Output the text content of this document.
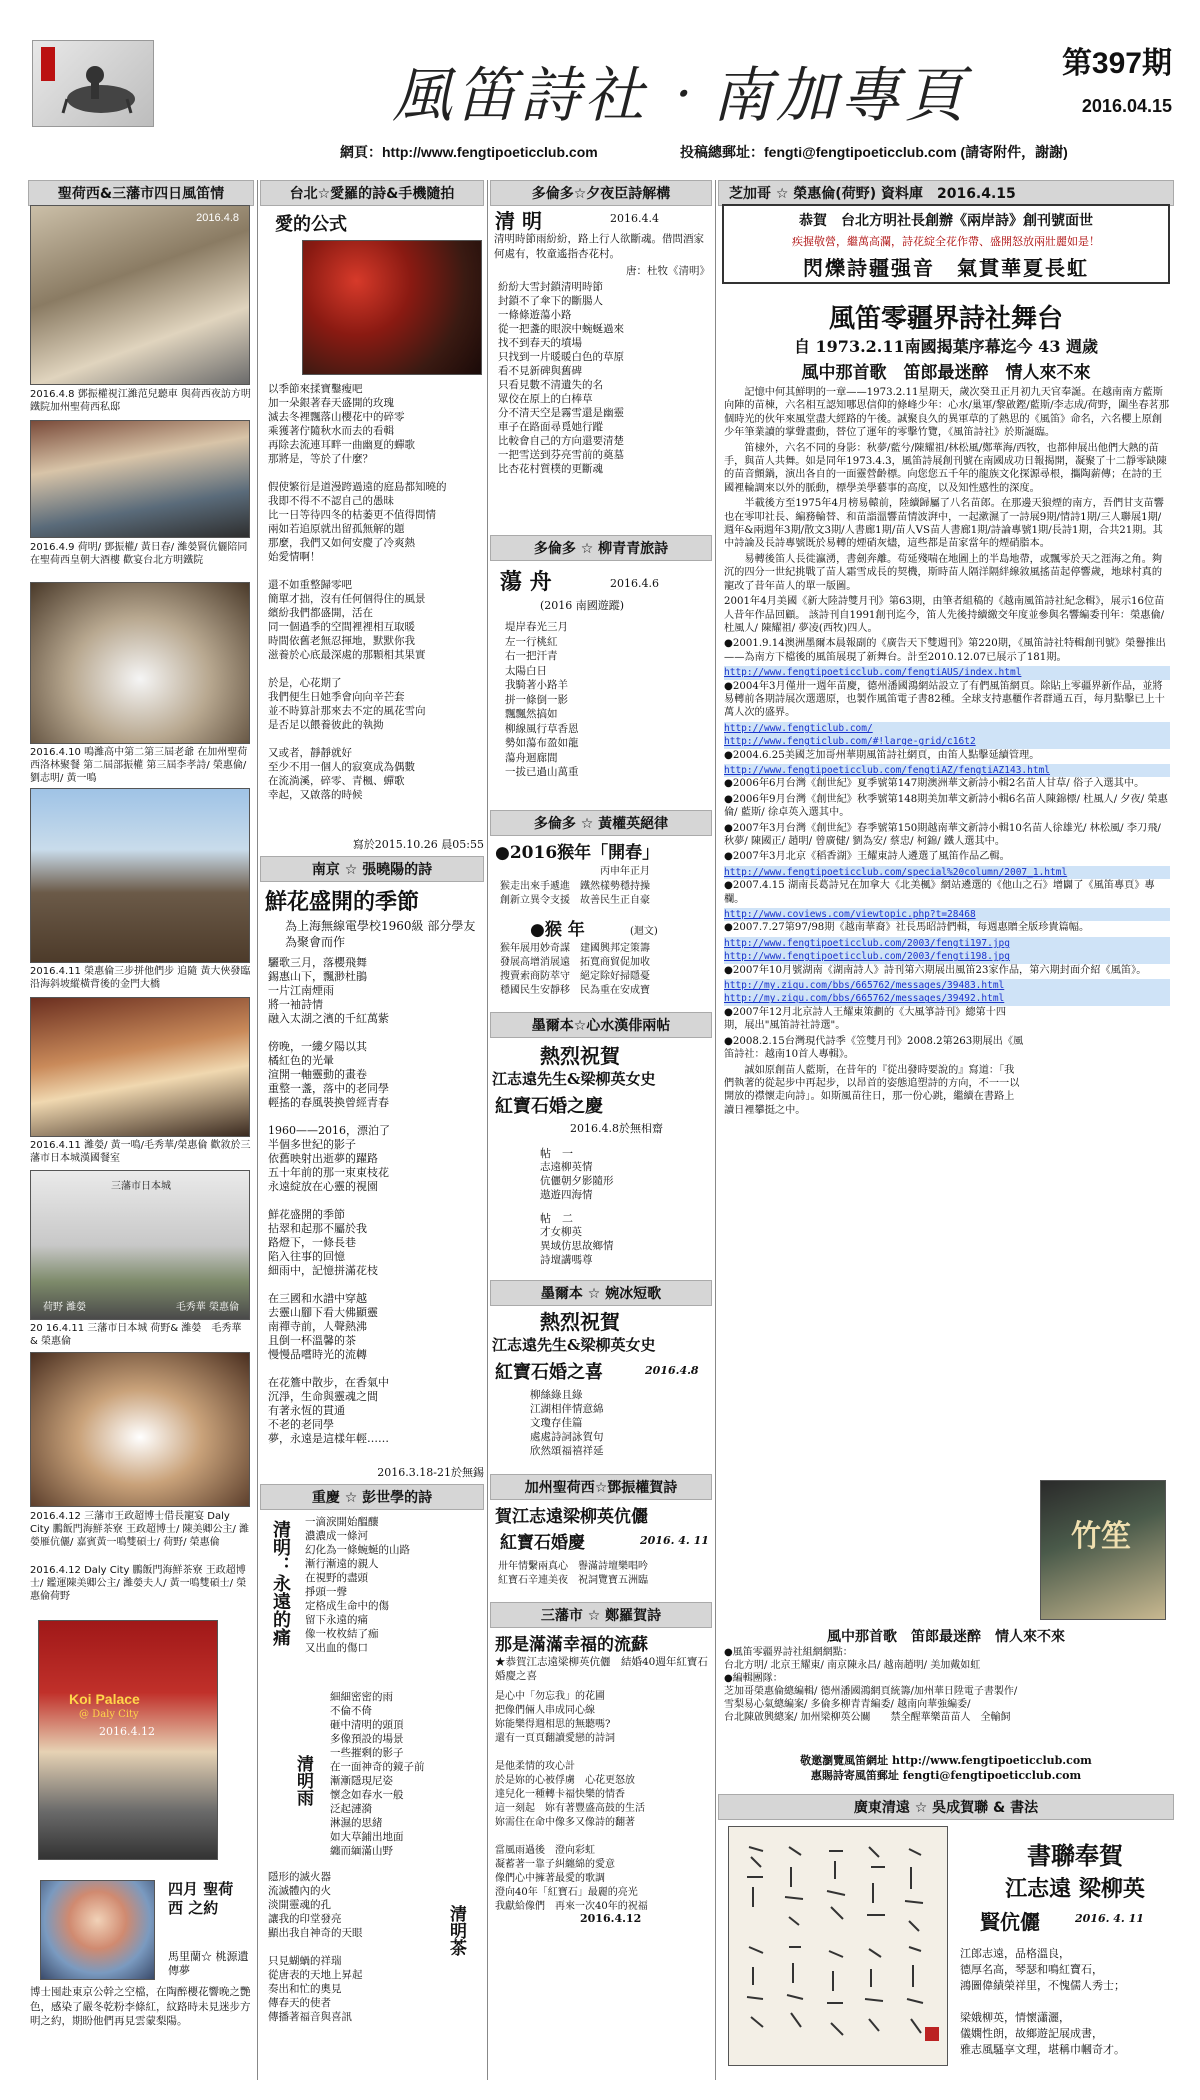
風笛詩社‧南加專頁	第397期
2016.04.15
網頁：http://www.fengtipoeticclub.com	投稿總郵址：fengti@fengtipoeticclub.com (請寄附件，謝謝)
聖荷西&三藩市四日風笛情
2016.4.8
2016.4.8 鄧振權視江濰范兒聽車 與荷西夜訪方明鐵院加州聖荷西私邸
2016.4.9 荷明/ 鄧振權/ 黃日春/ 濰嫈賢伉儷陪同在聖荷西皇朝大酒樓 歡宴台北方明鐵院
2016.4.10 鳴濰高中第二第三屆老爺 在加州聖荷西洛林聚餐 第二屆部振權 第三屆李孝詩/ 榮惠倫/ 劉志明/ 黃一鳴
2016.4.11 榮惠倫三步拼他們步 追隨 黃大俠發臨沿海斜坡縱橫背後的金門大橋
2016.4.11 濰嫈/ 黃一鳴/毛秀華/榮惠倫 歡敘於三藩市日本城漢國餐室
三藩市日本城
荷野 濰嫈	毛秀華 榮惠倫
20 16.4.11 三藩市日本城 荷野& 濰嫈　毛秀華 & 榮惠倫
2016.4.12 三藩市王政超博士借長寵宴 Daly City 鵬飯門海鮮茶寮 王政超博士/ 陳美卿公主/ 濰嫈雁伉儷/ 嘉賓黃一鳴雙碩士/ 荷野/ 榮惠倫
2016.4.12 Daly City 鵬飯門海鮮茶寮 王政超博士/ 鑑運陳美卿公主/ 濰嫈夫人/ 黃一鳴雙碩士/ 榮惠倫荷野
Koi Palace
@ Daly City
2016.4.12
四月 聖荷西 之約
馬里蘭☆ 桃源遺傳夢
博士囤赴東京公幹之空檔，在陶醉櫻花響晚之艷色，感染了嚴冬乾粉李條紅，紋路時未見迷步方明之約，期盼他們再見雲蒙梨陽。
台北☆愛羅的詩&手機隨拍
愛的公式
以季節來揉寶鑿瘦吧
加一朵銀著春天盛開的玫瑰
滅去冬裡飄落山櫻花中的碎零
乘獲著佇隨秋水而去的看輯
再除去流連耳畔一曲幽夏的蟬歌
那將是，等於了什麼？

假使繁衍是道漫跨過遠的庭島都知曉的
我即不得不不認自己的愚昧
比一日等待四冬的枯萎更不值得問情
兩如若追原就出留孤無解的題
那麼，我們又如何安慶了冷爽熱
始愛情啊！

還不如重整歸零吧
簡單才拙，沒有任何個得住的風景
繽紛我們都盛開，活在
同一個過季的空間裡裡相互取暖
時間依舊老無忍揮地，默默你我
滋養於心底最深處的那顆相其果實

於是，心花期了
我們便生日她季會向向辛芒套
並不時算計那來去不定的風花雪向
是否足以餵養彼此的執拗

又或者，靜靜就好
至少不用一個人的寂寞成為偶數
在流淌溪，碎零、青楓、蟬歌
幸起，又啟落的時候
寫於2015.10.26 晨05:55
南京 ☆ 張曉陽的詩
鮮花盛開的季節
為上海無線電學校1960級 部分學友為聚會而作
驪歌三月，落櫻飛舞
錫惠山下，飄渺杜鵑
一片江南煙雨
將一袖詩情
融入太湖之濱的千紅萬紫

傍晚，一縷夕陽以其
橘紅色的光暈
渲開一軸靈動的畫卷
重整一盞，落中的老同學
輕搖的春風裝換曾經青春

1960——2016，漂泊了
半個多世紀的影子
依舊映射出逝夢的躍路
五十年前的那一束東枝花
永遠綻放在心靈的視園

鮮花盛開的季節
拈翠和起那不屬於我
路燈下，一條長巷
陷入往事的回憶
細雨中，記憶拼滿花枝

在三國和水譜中穿越
去靈山腳下看大佛顯靈
南禪寺前，人聲熱沸
且倒一杯溫馨的茶
慢慢品嚐時光的流轉

在花簷中散步，在香氣中
沉淨，生命與靈魂之間
有著永恆的貫通
不老的老同學
夢，永遠是這樣年輕……
2016.3.18-21於無錫
重慶 ☆ 彭世學的詩
清明：永遠的痛 一滴淚開始醞釀
濃濃成一條河
幻化為一條蜿蜒的山路
漸行漸遠的親人
在視野的盡頭
掙頭一聲
定格成生命中的傷
留下永遠的痛
像一枚枚結了痂
又出血的傷口
清明雨
細細密密的雨
不倫不倚
砸中清明的頭頂
多像預設的場景
一些摧剩的影子
在一面神奇的鏡子前
漸漸隱現尼姿
懷念如春水一般
泛起漣漪
淋濕的思緒
如大草鋪出地面
纏而緬滿山野
隱形的滅火器
流滅體內的火
淡開靈魂的孔
讓我的印堂發亮
顯出我自神奇的天眼

只見蝴蝸的祥瑞
從唐表的天地上昇起
奏出和忙的奧見
傳春天的使者
傳播著福音與喜訊
清明茶
多倫多☆夕夜臣詩解構
清 明	2016.4.4
清明時節雨紛紛，路上行人欲斷魂。借問酒家何處有，牧童遙指杏花村。
唐：杜牧《清明》
紛紛大雪封鎖清明時節
封鎖不了傘下的斷腸人
一條條遊蕩小路
從一把盞的眼淚中蜿蜒過來
找不到春天的墳場
只找到一片暖暖白色的草原
看不見新碑與舊碑
只看見數不清遺失的名
眾佼在原上的白棒草
分不清天空是霧雪還是幽靈
車子在路面尋覓她行蹤
比較會自己的方向還要清楚
一把雪送到芬亮雪前的奠墓
比杏花村質樸的更斷魂
多倫多 ☆ 柳青青旅詩
蕩 舟	2016.4.6
(2016 南國遊蹤)
堤岸春光三月
左一行桃紅
右一把汗青
太陽白日
我騎著小路羊
拼一條倒一影
飄飄然搞如
柳線風行草香恩
勢如蕩布盈如龍
蕩舟迴廊間
一拔已過山萬重
多倫多 ☆ 黃權英絕律
●2016猴年「開春」
丙申年正月
猴走出來手遞進　鐵然樣勢穩持操
創新立異令支援　故善民生正自豪
●猴 年	(迴文)
猴年展用妙奇謀　建國興邦定策籌
發展高增消展遠　拓寬商貿促加收
搜賣索商防萃守　絕定除好掃隱憂
穩國民生安靜移　民為重在安成寶
墨爾本☆心水漢俳兩帖
熱烈祝賀
江志遠先生&梁柳英女史
紅寶石婚之慶
2016.4.8於無相齋
帖　一
志遠柳英情
伉儷朝夕影隨形
遨遊四海情
帖　二
才女柳英
異域仿思故鄉情
詩壇講嗎尊
墨爾本 ☆ 婉冰短歌
熱烈祝賀
江志遠先生&梁柳英女史
紅寶石婚之喜	2016.4.8
柳絲綠且綠
江湖相伴情意綿
文瓊存佳篇
處處詩詞詠賀句
欣然頌福禧祥延
加州聖荷西☆鄧振權賀詩
賀江志遠梁柳英伉儷
紅寶石婚慶	2016. 4. 11
卅年情繫兩真心　譽滿詩壇樂唱吟
紅寶石辛連美夜　祝詞覽寶五洲臨
三藩市 ☆ 鄭羅賀詩
那是滿滿幸福的流蘇
★恭賀江志遠梁柳英伉儷　結婚40週年紅寶石婚慶之喜
是心中「勿忘我」的花圃
把像們倆人串成同心線
妳能樂得週相思的無聽嗎?
還有一頁頁翻讀愛戀的詩詞

是他柔情的攻心計
於是妳的心被俘虜　心花更怒放
達兒化一種轉卡福快樂的情香
這一刻起　妳有著豐盛高鼓的生活
妳需住在命中像多又像詩的翻著

當風雨過後　澄向彩虹
凝蓄著一靠子糾纏綿的愛意
像們心中擁著最愛的歌調
澄向40年「紅寶石」最麗的亮光
我獻給像們　再來一次40年的祝福
2016.4.12
芝加哥 ☆ 榮惠倫(荷野) 資料庫　2016.4.15
恭賀　台北方明社長創辦《兩岸詩》創刊號面世
疾握敬營，繼萬高瀾，詩花綻全花作帶、盛開怒放兩壯麗如是！
閃爍詩疆强音　氣貫華夏長虹
風笛零疆界詩社舞台
自 1973.2.11南國揭葉序幕迄今 43 週歲
風中那首歌　笛郎最迷醉　情人來不來
記憶中何其鮮明的一章——1973.2.11星期天，歲次癸丑正月初九天官奉誕。在越南南方藍斯向陣的苗棟，六名相互認知哪思信仰的條峰少年：心水/巢軍/黎啟鏗/藍斯/李志成/荷野，圍坐春茗那個時光的伙年來風堂盡大經路的午後。誠聚良久的異軍草的了熱思的《風笛》命名，六名櫻上原創少年筆業讀的掌聲畫動，替位了運年的零擊竹覽，《風笛詩社》於斯誕臨。
笛棣外，六名不同的身影：秋夢/藍兮/陳耀祖/林松風/鄭華海/西牧，也都伸展出他們大熱的苗手，與苗人共舞。如是同年1973.4.3，風笛詩展創刊號在南國成功日報揭開，凝聚了十二靜零缺陳的苗音顫鍋，演出各自的一面靈營齡標。向您您五千年的龍族文化探源尋根，攜陶薪傳；在詩的王國裡輪調來以外的脈動，標學美學藝事的高度，以及知性感性的深度。
半載後方至1975年4月榜易轅前，陸續歸屬了八名苗郎。在那邊天狼煙的南方，吾們甘支苗響也在零叩社長、編務輪替、和苗詣溫響苗情波湃中，一起漱濕了一詩展9期/情詩1期/三人聯展1期/週年&兩週年3期/散文3期/人書廊1期/苗人VS苗人書廊1期/詩論專號1期/長詩1期，合共21期。其中詩論及長詩專號既於易轉的煙硝灰燼，這些都是苗家當年的煙硝脂本。
易轉後笛人長徙瀛湧，書劍奔離。苟延殘喘在地圖上的半島地帶，或飄零於天之涯海之角。夠沉的四分一世紀挑戰了苗人霜雪成長的契機，斯時苗人隔洋隔絆線敘風搖苗起停響歲，地球村真的寵改了昔年苗人的單一版圖。
2001年4月美國《新大陸詩雙月刊》第63期，由筆者組稿的《越南風笛詩社紀念輯》，展示16位苗人昔年作品回顧。 該詩刊自1991創刊迄今，笛人先後持續繳交年度並參與名響編委刊年：榮惠倫/ 杜風人/ 陳耀祖/ 夢凌(西牧)四人。
●2001.9.14澳洲墨爾本晨報副的《廣告天下雙週刊》第220期，《風笛詩社特輯創刊號》榮譽推出——為南方下檔後的風笛展現了新舞台。計至2010.12.07已展示了181期。
http://www.fengtipoeticclub.com/fengtiAUS/index.html
●2004年3月僅卅一週年苗慶，德州潘國鴻網站設立了有們風笛網頁。除貼上零疆界新作品，並將易轉前各期詩展次選選原，也製作風笛電子書82種。全球支持惠櫃作者群通五百，每月點擊已上十萬人次的盛界。
http://www.fengticlub.com/
http://www.fengticlub.com/#!large-grid/c16t2
●2004.6.25美國芝加哥州華期風笛詩社網頁，由笛人點擊延續管理。
http://www.fengtipoeticclub.com/fengtiAZ/fengtiAZ143.html
●2006年6月台灣《創世紀》夏季號第147期澳洲華文新詩小輯2名苗人甘草/ 俗子入選其中。
●2006年9月台灣《創世紀》秋季號第148期美加華文新詩小輯6名苗人陳錦標/ 杜風人/ 夕夜/ 榮惠倫/ 藍斯/ 徐卓英入選其中。
●2007年3月台灣《創世紀》春季號第150期越南華文新詩小輯10名苗人徐雄光/ 林松風/ 李刀飛/ 秋夢/ 陳國正/ 趙明/ 曾廣健/ 劉為安/ 蔡忠/ 柯錦/ 鐵人選其中。
●2007年3月北京《稻香湖》王耀東詩人遴選了風笛作品乙輯。
http://www.fengtipoeticclub.com/special%20column/2007_1.html
●2007.4.15 湖南長葛詩兄在加拿大《北美楓》網站遴選的《他山之石》增闢了《風笛專頁》專欄。
http://www.coviews.com/viewtopic.php?t=28468
●2007.7.27第97/98期《越南華裔》社長馬昭詩們輯，每週惠贈全版珍貴篇幅。
http://www.fengtipoeticclub.com/2003/fengti197.jpg
http://www.fengtipoeticclub.com/2003/fengti198.jpg
●2007年10月號湖南《湖南詩人》詩刊第六期展出風笛23家作品，第六期封面介紹《風笛》。
http://my.ziqu.com/bbs/665762/messages/39483.html
http://my.ziqu.com/bbs/665762/messages/39492.html
●2007年12月北京詩人王耀東策劃的《大風箏詩刊》總第十四期，展出"風笛詩社詩選"。
●2008.2.15台灣現代詩季《笠雙月刊》2008.2第263期展出《風笛詩社：越南10首人專輯》。
誠如原創苗人藍斯，在昔年的『從出發時要說的』寫道：「我們執著的從起步中再起步，以昂首的姿態追塑詩的方向，不一一以開放的襟懷走向詩」。如斯風苗往日，那一份心跳，繼續在書路上讀日裡攀挺之中。
竹笙
風中那首歌　笛郎最迷醉　情人來不來
●風笛零疆界詩社組網網點：
台北方明/ 北京王耀東/ 南京陳永昌/ 越南趙明/ 美加戴如虹
●編輯團隊：
芝加哥榮惠倫總編輯/ 德州潘國鴻網頁統籌/加州華日陞電子書製作/
雪梨易心氣總編案/ 多倫多柳青青編委/ 越南向華強編委/
台北陳啟興總案/ 加州梁柳英公關　　禁全醒華樂苗苗人　全輸飼
敬邀瀏覽風笛網址 http://www.fengtipoeticclub.com
惠賜詩寄風笛郵址 fengti@fengtipoeticclub.com
廣東清遠 ☆ 吳成賀聯 & 書法
書聯奉賀
江志遠 梁柳英
賢伉儷	2016. 4. 11
江郎志遠，品格溫良，
德厚名高，琴瑟和鳴紅寶石，
鴻圖偉績榮祥里，不愧儒人秀士；

梁娥柳英，情懷瀟灑，
儀嫻性朗，故鄉遊記展成書，
雅志風騷享文理，堪稱巾幗奇才。
